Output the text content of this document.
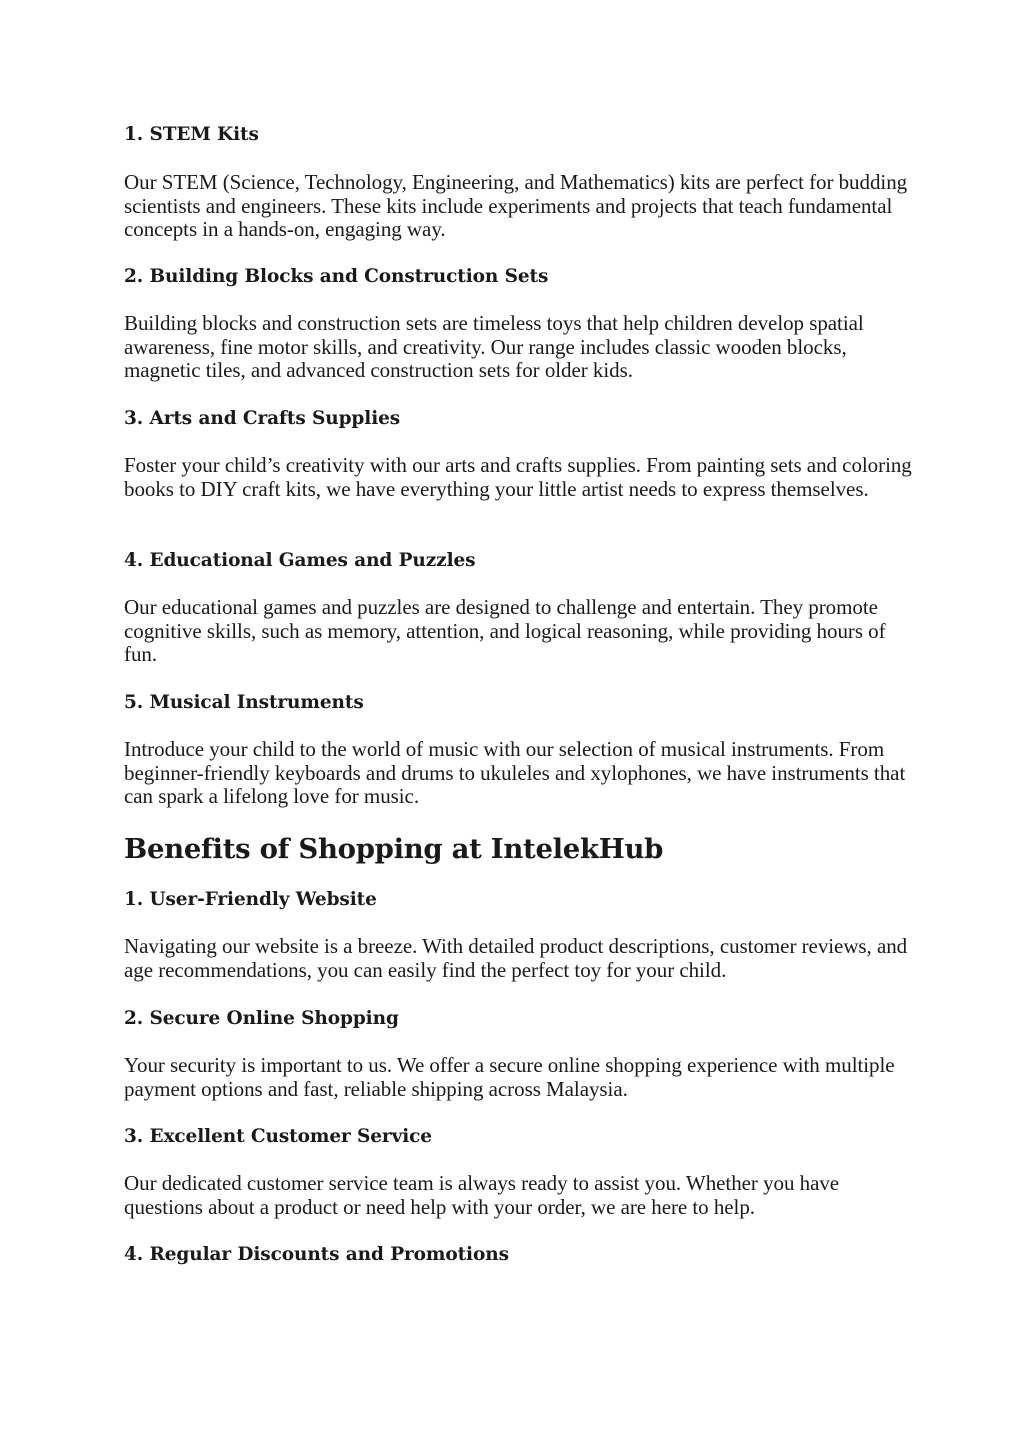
1. STEM Kits

Our STEM (Science, Technology, Engineering, and Mathematics) kits are perfect for budding scientists and engineers. These kits include experiments and projects that teach fundamental concepts in a hands-on, engaging way.

2. Building Blocks and Construction Sets

Building blocks and construction sets are timeless toys that help children develop spatial awareness, fine motor skills, and creativity. Our range includes classic wooden blocks, magnetic tiles, and advanced construction sets for older kids.

3. Arts and Crafts Supplies

Foster your child’s creativity with our arts and crafts supplies. From painting sets and coloring books to DIY craft kits, we have everything your little artist needs to express themselves.

4. Educational Games and Puzzles

Our educational games and puzzles are designed to challenge and entertain. They promote cognitive skills, such as memory, attention, and logical reasoning, while providing hours of fun.

5. Musical Instruments

Introduce your child to the world of music with our selection of musical instruments. From beginner-friendly keyboards and drums to ukuleles and xylophones, we have instruments that can spark a lifelong love for music.

Benefits of Shopping at IntelekHub
1. User-Friendly Website

Navigating our website is a breeze. With detailed product descriptions, customer reviews, and age recommendations, you can easily find the perfect toy for your child.

2. Secure Online Shopping

Your security is important to us. We offer a secure online shopping experience with multiple payment options and fast, reliable shipping across Malaysia.

3. Excellent Customer Service

Our dedicated customer service team is always ready to assist you. Whether you have questions about a product or need help with your order, we are here to help.

4. Regular Discounts and Promotions
